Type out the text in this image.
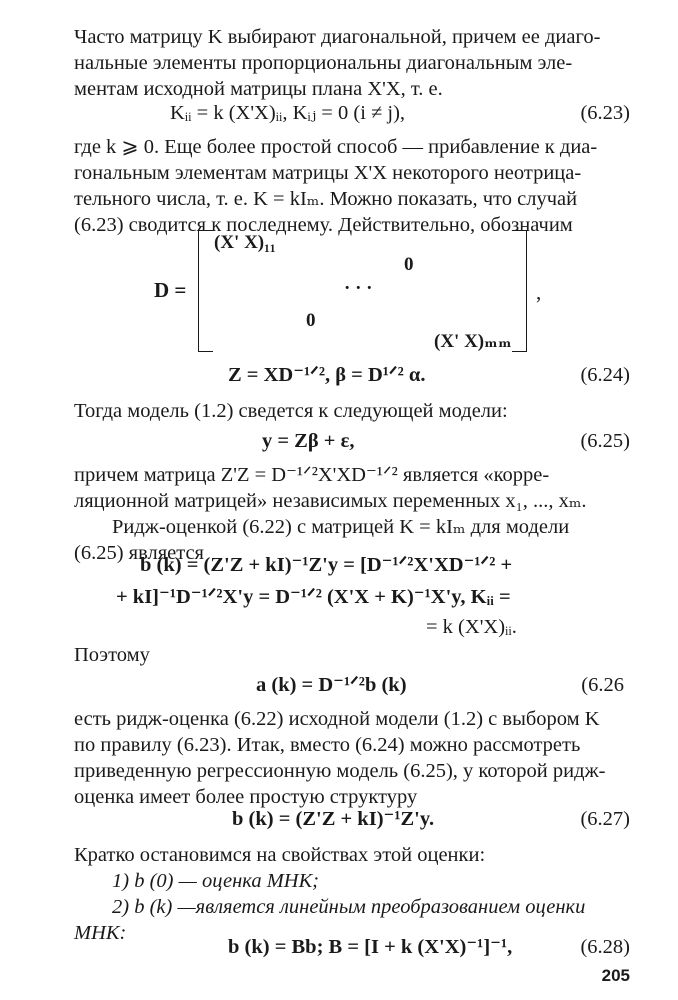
Часто матрицу K выбирают диагональной, причем ее диаго-
нальные элементы пропорциональны диагональным эле-
ментам исходной матрицы плана X'X, т. е.
Kᵢᵢ = k (X'X)ᵢᵢ, Kᵢⱼ = 0 (i ≠ j),	(6.23)
где k ⩾ 0. Еще более простой способ — прибавление к диа-
гональным элементам матрицы X'X некоторого неотрица-
тельного числа, т. е. K = kIₘ. Можно показать, что случай
(6.23) сводится к последнему. Действительно, обозначим
D =
(X' X)₁₁
0
· · ·
0
(X' X)ₘₘ
,
Z = XD⁻¹ᐟ², β = D¹ᐟ² α.	(6.24)
Тогда модель (1.2) сведется к следующей модели:
y = Zβ + ε,	(6.25)
причем матрица Z'Z = D⁻¹ᐟ²X'XD⁻¹ᐟ² является «корре-
ляционной матрицей» независимых переменных x₁, ..., xₘ.
Ридж-оценкой (6.22) с матрицей K = kIₘ для модели
(6.25) является
b (k) = (Z'Z + kI)⁻¹Z'y = [D⁻¹ᐟ²X'XD⁻¹ᐟ² +
+ kI]⁻¹D⁻¹ᐟ²X'y = D⁻¹ᐟ² (X'X + K)⁻¹X'y, Kᵢᵢ =
= k (X'X)ᵢᵢ.
Поэтому
a (k) = D⁻¹ᐟ²b (k)	(6.26
есть ридж-оценка (6.22) исходной модели (1.2) с выбором K
по правилу (6.23). Итак, вместо (6.24) можно рассмотреть
приведенную регрессионную модель (6.25), у которой ридж-
оценка имеет более простую структуру
b (k) = (Z'Z + kI)⁻¹Z'y.	(6.27)
Кратко остановимся на свойствах этой оценки:
1) b (0) — оценка МНК;
2) b (k) —является линейным преобразованием оценки
МНК:
b (k) = Bb; B = [I + k (X'X)⁻¹]⁻¹,	(6.28)
205
